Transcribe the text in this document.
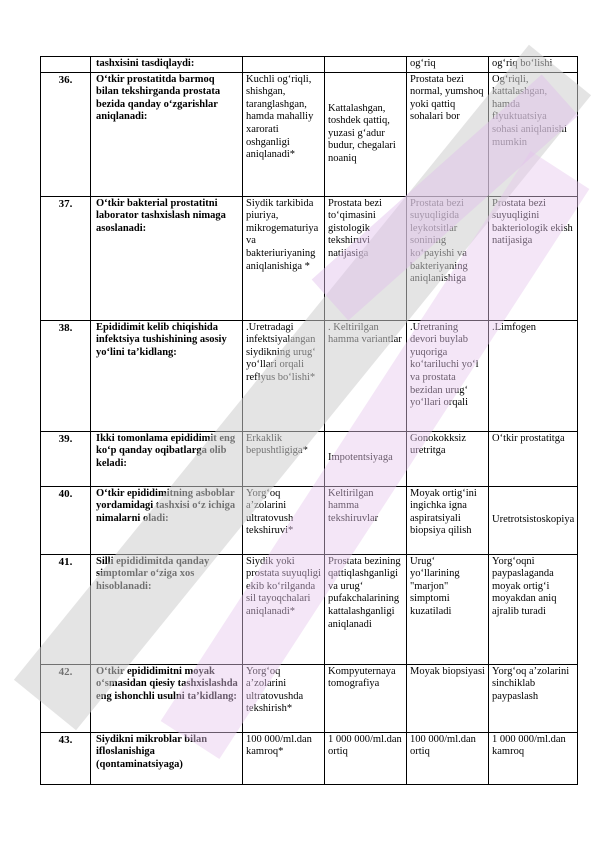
	tashxisini tasdiqlaydi:			og‘riq	og‘riq bo‘lishi
36.	O‘tkir prostatitda barmoq bilan tekshirganda prostata bezida qanday o‘zgarishlar aniqlanadi:	Kuchli og‘riqli, shishgan, taranglashgan, hamda mahalliy xarorati oshganligi aniqlanadi*	Kattalashgan, toshdek qattiq, yuzasi g‘adur budur, chegalari noaniq	Prostata bezi normal, yumshoq yoki qattiq sohalari bor	Og‘riqli, kattalashgan, hamda flyuktuatsiya sohasi aniqlanishi mumkin
37.	O‘tkir bakterial prostatitni laborator tashxislash nimaga asoslanadi:	Siydik tarkibida piuriya, mikrogematuriya va bakteriuriyaning aniqlanishiga *	Prostata bezi to‘qimasini gistologik tekshiruvi natijasiga	Prostata bezi suyuqligida leykotsitlar sonining ko‘payishi va bakteriyaning aniqlanishiga	Prostata bezi suyuqligini bakteriologik ekish natijasiga
38.	Epididimit kelib chiqishida infektsiya tushishining asosiy yo‘lini ta’kidlang:	.Uretradagi infektsiyalangan siydikning urug‘ yo‘llari orqali reflyus bo‘lishi*	. Keltirilgan hamma variantlar	.Uretraning devori buylab yuqoriga ko‘tariluchi yo‘l va prostata bezidan urug‘ yo‘llari orqali	.Limfogen
39.	Ikki tomonlama epididimit eng ko‘p qanday oqibatlarga olib keladi:	Erkaklik bepushtligiga*	Impotentsiyaga	Gonokokksiz uretritga	O‘tkir prostatitga
40.	O‘tkir epididimitning asboblar yordamidagi tashxisi o‘z ichiga nimalarni oladi:	Yorg‘oq a’zolarini ultratovush tekshiruvi*	Keltirilgan hamma tekshiruvlar	Moyak ortig‘ini ingichka igna aspiratsiyali biopsiya qilish	Uretrotsistoskopiya
41.	Silli epididimitda qanday simptomlar o‘ziga xos hisoblanadi:	Siydik yoki prostata suyuqligi ekib ko‘rilganda sil tayoqchalari aniqlanadi*	Prostata bezining qattiqlashganligi va urug‘ pufakchalarining kattalashganligi aniqlanadi	Urug‘ yo‘llarining "marjon" simptomi kuzatiladi	Yorg‘oqni paypaslaganda moyak ortig‘i moyakdan aniq ajralib turadi
42.	O‘tkir epididimitni moyak o‘smasidan qiesiy tashxislashda eng ishonchli usulni ta’kidlang:	Yorg‘oq a’zolarini ultratovushda tekshirish*	Kompyuternaya tomografiya	Moyak biopsiyasi	Yorg‘oq a’zolarini sinchiklab paypaslash
43.	Siydikni mikroblar bilan ifloslanishiga (qontaminatsiyaga)	100 000/ml.dan kamroq*	1 000 000/ml.dan ortiq	100 000/ml.dan ortiq	1 000 000/ml.dan kamroq
